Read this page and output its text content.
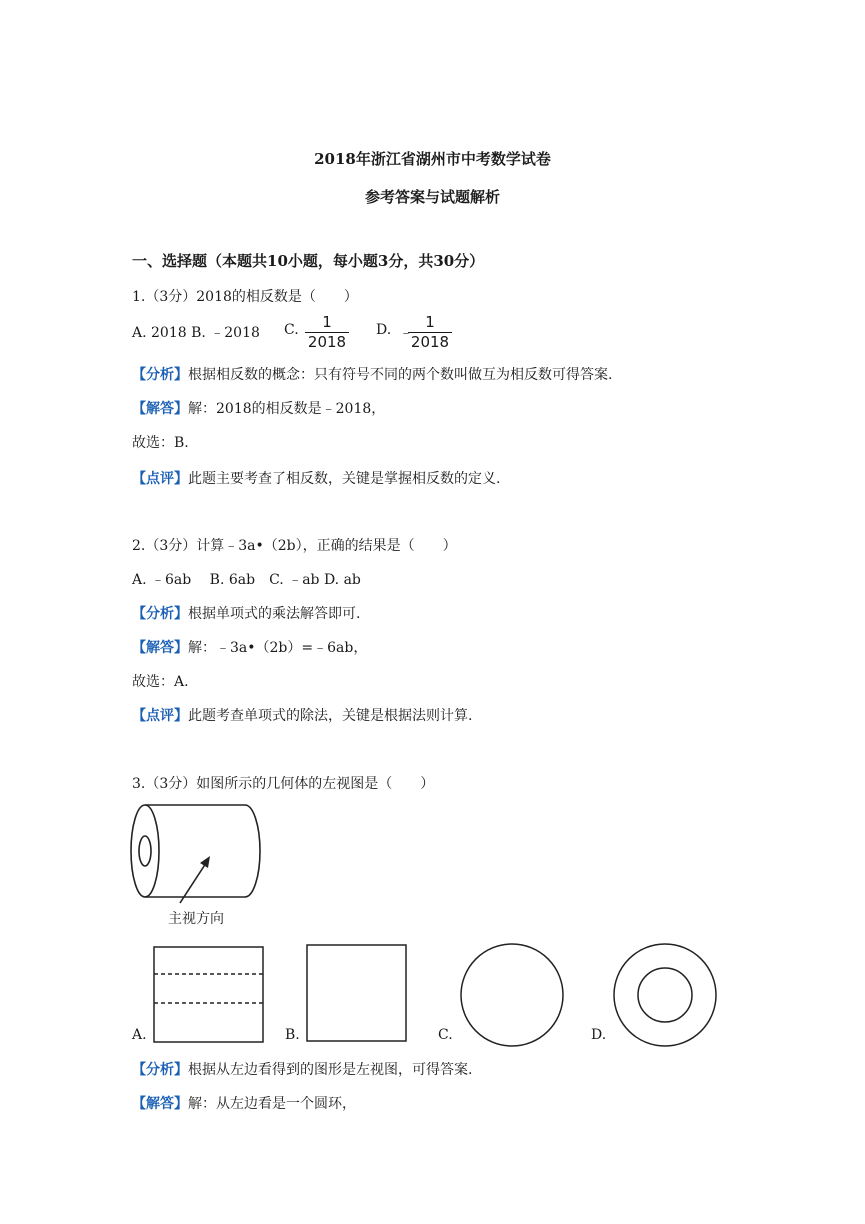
2018年浙江省湖州市中考数学试卷
参考答案与试题解析
一、选择题（本题共10小题，每小题3分，共30分）
1.（3分）2018的相反数是（　　）
A. 2018 B. ﹣2018 C.	1
2018
D. ﹣
1
2018
【分析】根据相反数的概念：只有符号不同的两个数叫做互为相反数可得答案.
【解答】解：2018的相反数是﹣2018，
故选：B.
【点评】此题主要考查了相反数，关键是掌握相反数的定义.
2.（3分）计算﹣3a•（2b），正确的结果是（　　）
A. ﹣6ab　 B. 6ab　C. ﹣ab D. ab
【分析】根据单项式的乘法解答即可.
【解答】解：﹣3a•（2b）=﹣6ab，
故选：A.
【点评】此题考查单项式的除法，关键是根据法则计算.
3.（3分）如图所示的几何体的左视图是（　　）
主视方向
A.	B.	C.	D.
【分析】根据从左边看得到的图形是左视图，可得答案.
【解答】解：从左边看是一个圆环，
